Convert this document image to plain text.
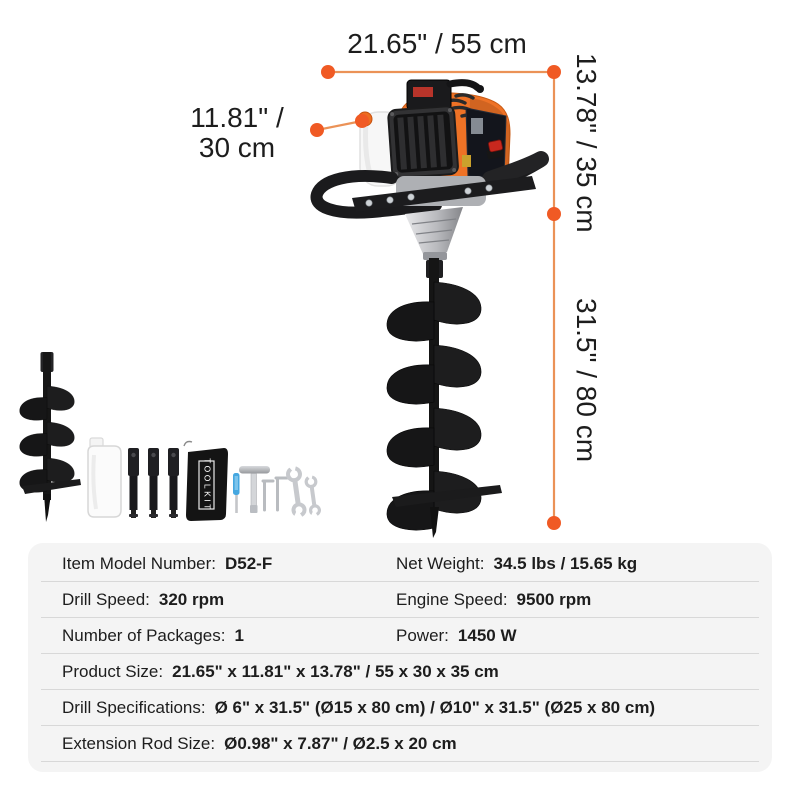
TOOLKIT
21.65" / 55 cm
11.81" /
30 cm	13.78" / 35 cm
31.5" / 80 cm
Item Model Number: D52-F	Net Weight: 34.5 lbs / 15.65 kg
Drill Speed: 320 rpm	Engine Speed: 9500 rpm
Number of Packages: 1	Power: 1450 W
Product Size: 21.65" x 11.81" x 13.78" / 55 x 30 x 35 cm
Drill Specifications: Ø 6" x 31.5" (Ø15 x 80 cm) / Ø10" x 31.5" (Ø25 x 80 cm)
Extension Rod Size: Ø0.98" x 7.87" / Ø2.5 x 20 cm
